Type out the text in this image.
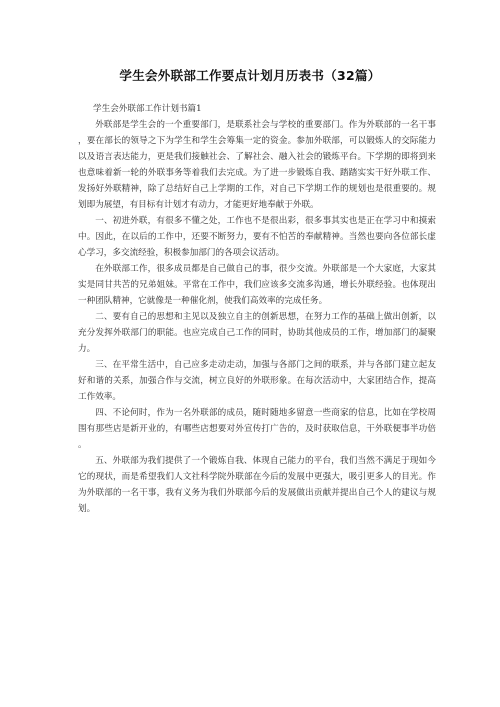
学生会外联部工作要点计划月历表书（32篇）

学生会外联部工作计划书篇1

外联部是学生会的一个重要部门，是联系社会与学校的重要部门。作为外联部的一名干事，要在部长的领导之下为学生和学生会筹集一定的资金。参加外联部，可以锻炼人的交际能力以及语言表达能力，更是我们接触社会、了解社会、融入社会的锻炼平台。下学期的即将到来也意味着新一轮的外联事务等着我们去完成。为了进一步锻炼自我、踏踏实实干好外联工作、发扬好外联精神，除了总结好自己上学期的工作，对自己下学期工作的规划也是很重要的。规划即为展望，有目标有计划才有动力，才能更好地奉献于外联。

一、初进外联，有很多不懂之处，工作也不是很出彩，很多事其实也是正在学习中和摸索中。因此，在以后的工作中，还要不断努力，要有不怕苦的奉献精神。当然也要向各位部长虚心学习，多交流经验，积极参加部门的各项会议活动。

在外联部工作，很多成员都是自己做自己的事，很少交流。外联部是一个大家庭，大家其实是同甘共苦的兄弟姐妹。平常在工作中，我们应该多交流多沟通，增长外联经验。也体现出一种团队精神，它就像是一种催化剂，使我们高效率的完成任务。

二、要有自己的思想和主见以及独立自主的创新思想，在努力工作的基础上做出创新，以充分发挥外联部门的职能。也应完成自己工作的同时，协助其他成员的工作，增加部门的凝聚力。

三、在平常生活中，自己应多走动走动，加强与各部门之间的联系，并与各部门建立起友好和谐的关系，加强合作与交流，树立良好的外联形象。在每次活动中，大家团结合作，提高工作效率。

四、不论何时，作为一名外联部的成员，随时随地多留意一些商家的信息，比如在学校周围有那些店是新开业的，有哪些店想要对外宣传打广告的，及时获取信息，干外联便事半功倍。

五、外联部为我们提供了一个锻炼自我、体现自己能力的平台，我们当然不满足于现如今它的现状，而是希望我们人文社科学院外联部在今后的发展中更强大，吸引更多人的目光。作为外联部的一名干事，我有义务为我们外联部今后的发展做出贡献并提出自己个人的建议与规划。
